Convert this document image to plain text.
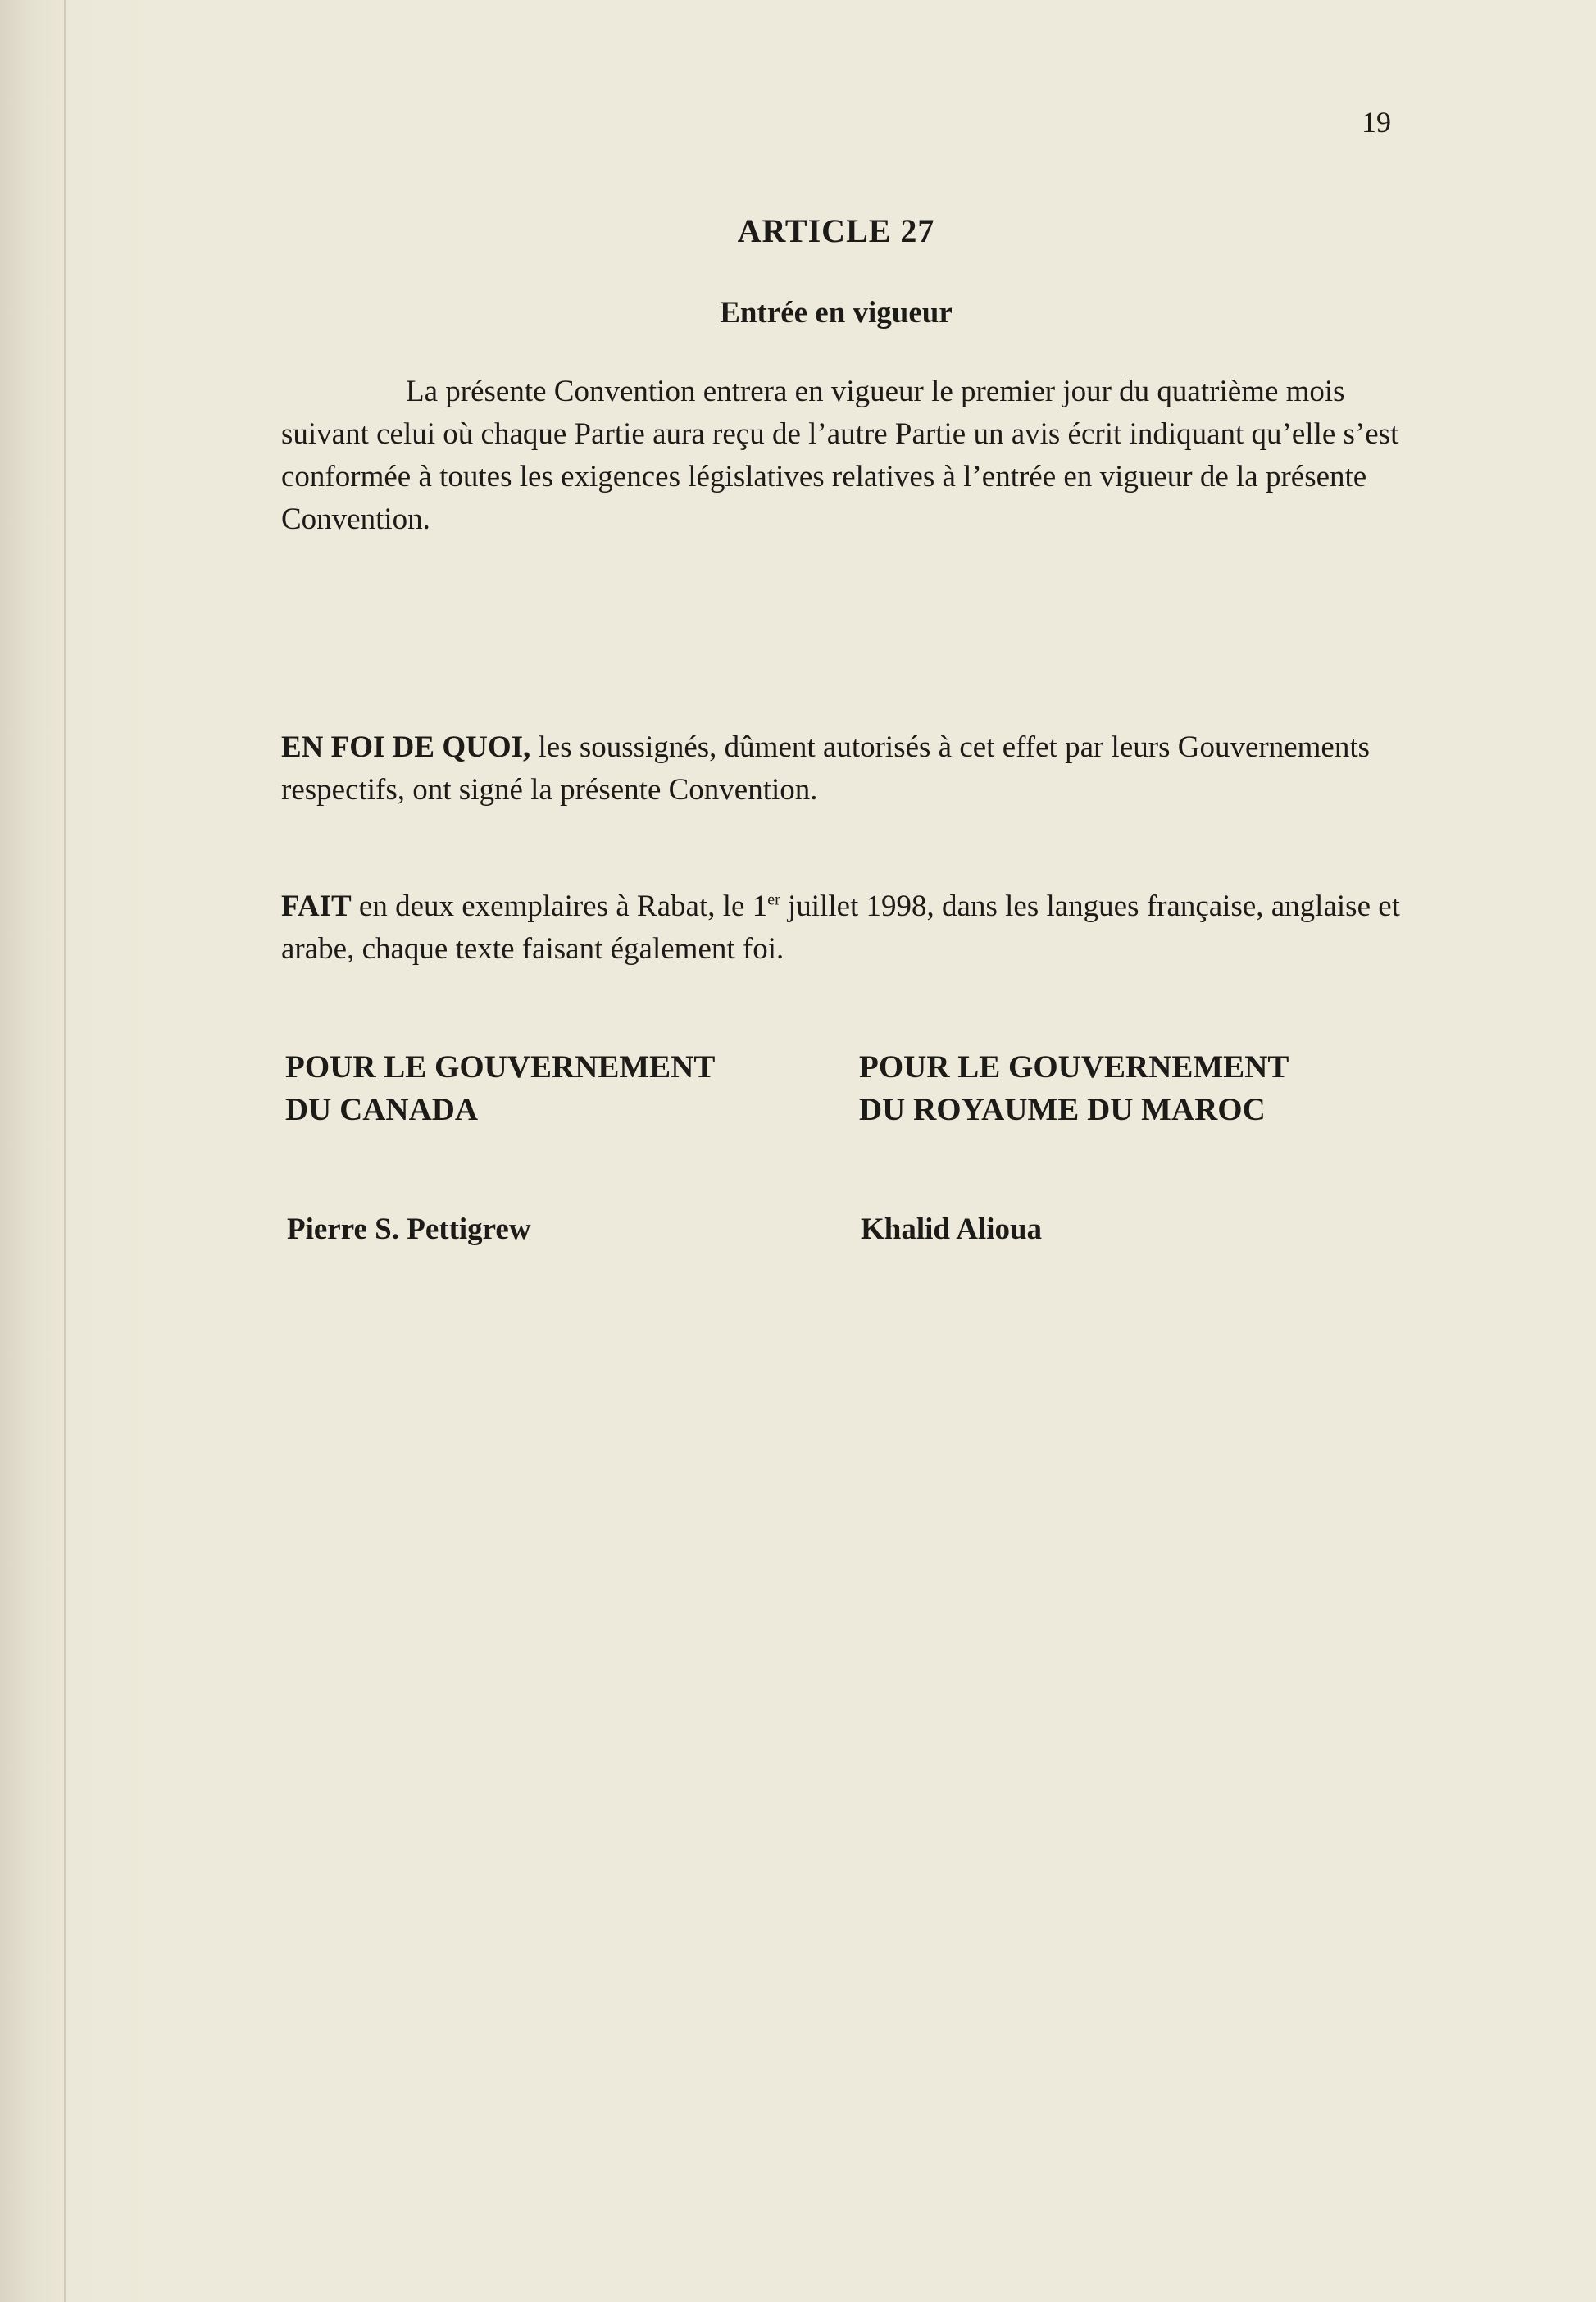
19
ARTICLE 27
Entrée en vigueur
La présente Convention entrera en vigueur le premier jour du quatrième mois suivant celui où chaque Partie aura reçu de l’autre Partie un avis écrit indiquant qu’elle s’est conformée à toutes les exigences législatives relatives à l’entrée en vigueur de la présente Convention.
EN FOI DE QUOI, les soussignés, dûment autorisés à cet effet par leurs Gouvernements respectifs, ont signé la présente Convention.
FAIT en deux exemplaires à Rabat, le 1er juillet 1998, dans les langues française, anglaise et arabe, chaque texte faisant également foi.
POUR LE GOUVERNEMENT
DU CANADA
POUR LE GOUVERNEMENT
DU ROYAUME DU MAROC
Pierre S. Pettigrew	Khalid Alioua
